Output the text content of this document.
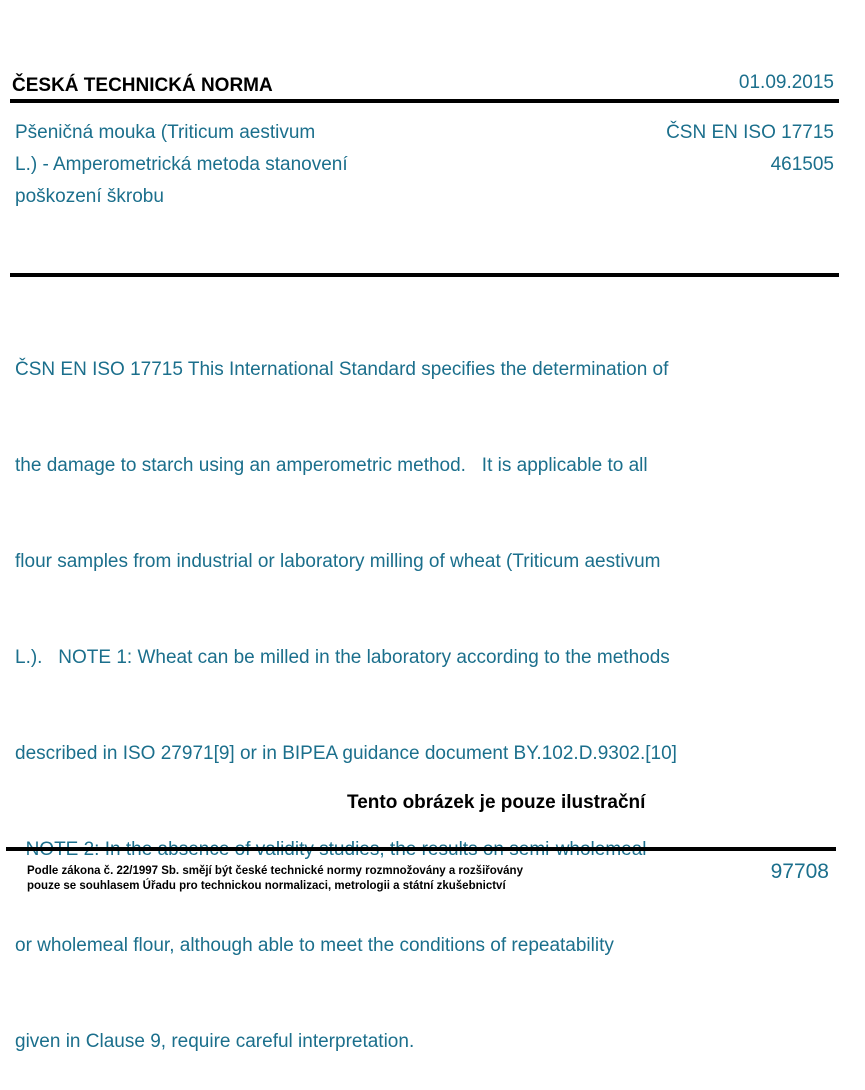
ČESKÁ TECHNICKÁ NORMA	01.09.2015
Pšeničná mouka (Triticum aestivum
L.) - Amperometrická metoda stanovení
poškození škrobu
ČSN EN ISO 17715
461505

ČSN EN ISO 17715 This International Standard specifies the determination of

the damage to starch using an amperometric method.   It is applicable to all

flour samples from industrial or laboratory milling of wheat (Triticum aestivum

L.).   NOTE 1: Wheat can be milled in the laboratory according to the methods

described in ISO 27971[9] or in BIPEA guidance document BY.102.D.9302.[10]

or wholemeal flour, although able to meet the conditions of repeatability

given in Clause 9, require careful interpretation.

Tento obrázek je pouze ilustrační
Podle zákona č. 22/1997 Sb. smějí být české technické normy rozmnožovány a rozšiřovány
pouze se souhlasem Úřadu pro technickou normalizaci, metrologii a státní zkušebnictví
97708
